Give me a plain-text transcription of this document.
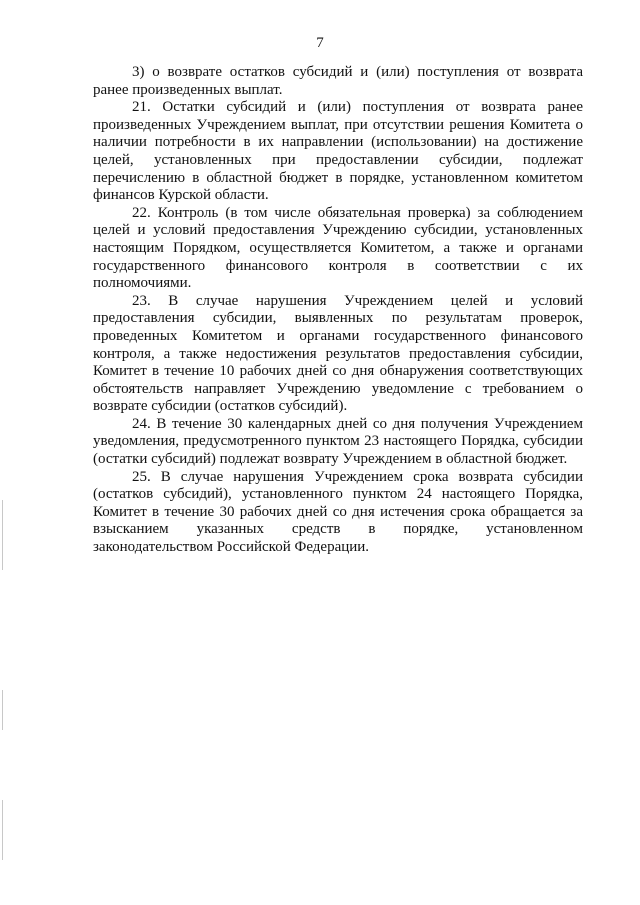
7

3) о возврате остатков субсидий и (или) поступления от возврата ранее произведенных выплат.

21. Остатки субсидий и (или) поступления от возврата ранее произведенных Учреждением выплат, при отсутствии решения Комитета о наличии потребности в их направлении (использовании) на достижение целей, установленных при предоставлении субсидии, подлежат перечислению в областной бюджет в порядке, установленном комитетом финансов Курской области.

22. Контроль (в том числе обязательная проверка) за соблюдением целей и условий предоставления Учреждению субсидии, установленных настоящим Порядком, осуществляется Комитетом, а также и органами государственного финансового контроля в соответствии с их полномочиями.

23. В случае нарушения Учреждением целей и условий предоставления субсидии, выявленных по результатам проверок, проведенных Комитетом и органами государственного финансового контроля, а также недостижения результатов предоставления субсидии, Комитет в течение 10 рабочих дней со дня обнаружения соответствующих обстоятельств направляет Учреждению уведомление с требованием о возврате субсидии (остатков субсидий).

24. В течение 30 календарных дней со дня получения Учреждением уведомления, предусмотренного пунктом 23 настоящего Порядка, субсидии (остатки субсидий) подлежат возврату Учреждением в областной бюджет.

25. В случае нарушения Учреждением срока возврата субсидии (остатков субсидий), установленного пунктом 24 настоящего Порядка, Комитет в течение 30 рабочих дней со дня истечения срока обращается за взысканием указанных средств в порядке, установленном законодательством Российской Федерации.
